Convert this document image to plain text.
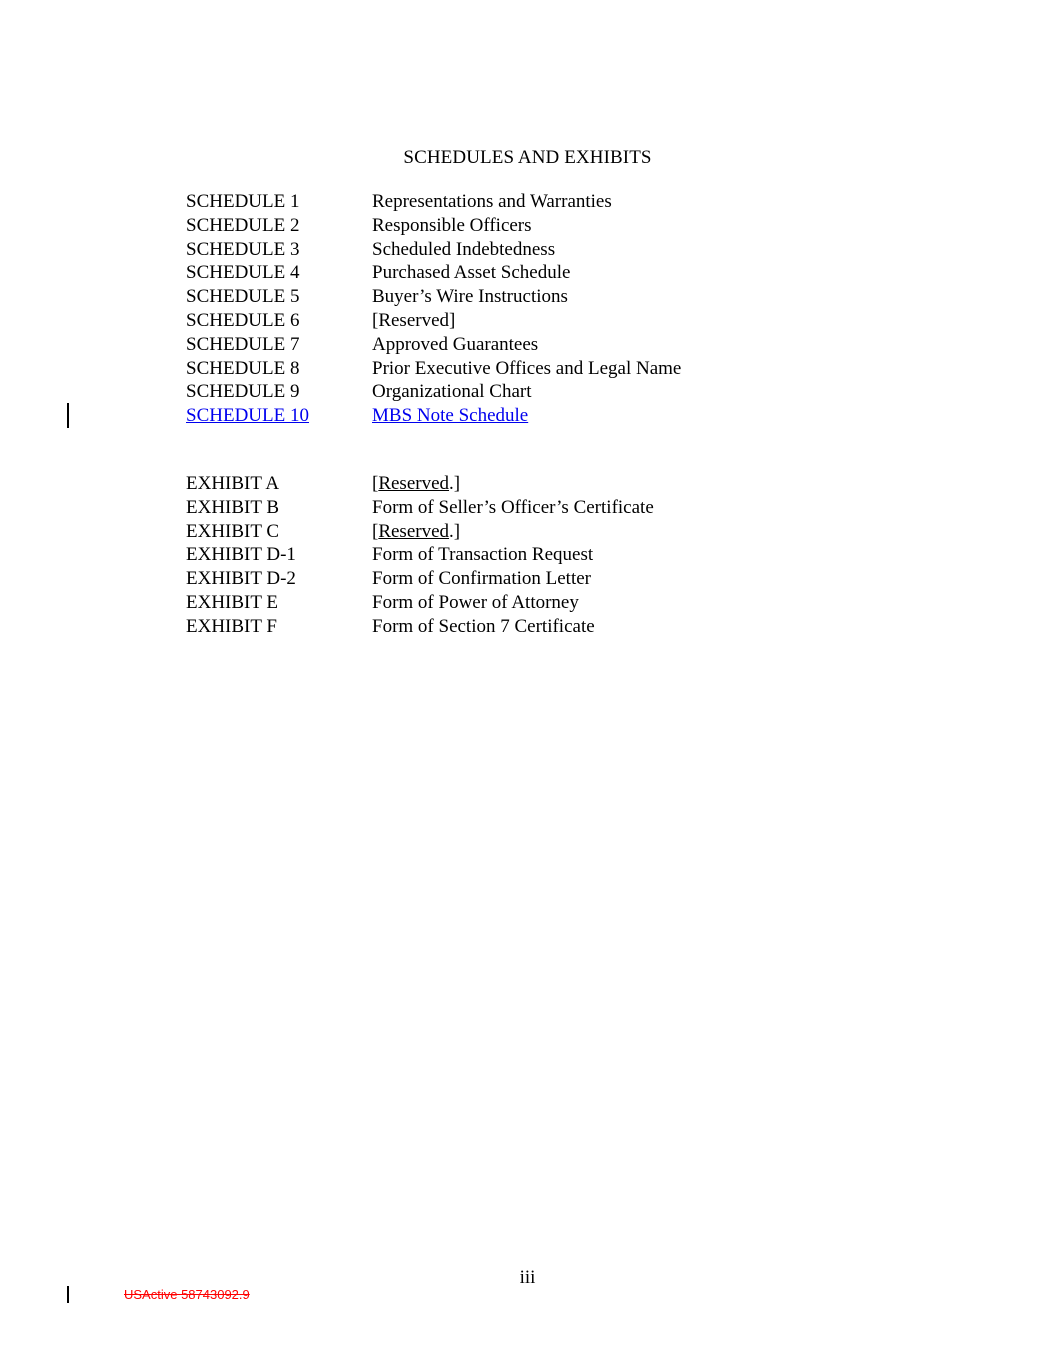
SCHEDULES AND EXHIBITS
SCHEDULE 1	Representations and Warranties
SCHEDULE 2	Responsible Officers
SCHEDULE 3	Scheduled Indebtedness
SCHEDULE 4	Purchased Asset Schedule
SCHEDULE 5	Buyer’s Wire Instructions
SCHEDULE 6	[Reserved]
SCHEDULE 7	Approved Guarantees
SCHEDULE 8	Prior Executive Offices and Legal Name
SCHEDULE 9	Organizational Chart
SCHEDULE 10	MBS Note Schedule
EXHIBIT A	[Reserved.]
EXHIBIT B	Form of Seller’s Officer’s Certificate
EXHIBIT C	[Reserved.]
EXHIBIT D-1	Form of Transaction Request
EXHIBIT D-2	Form of Confirmation Letter
EXHIBIT E	Form of Power of Attorney
EXHIBIT F	Form of Section 7 Certificate
iii
USActive 58743092.9
